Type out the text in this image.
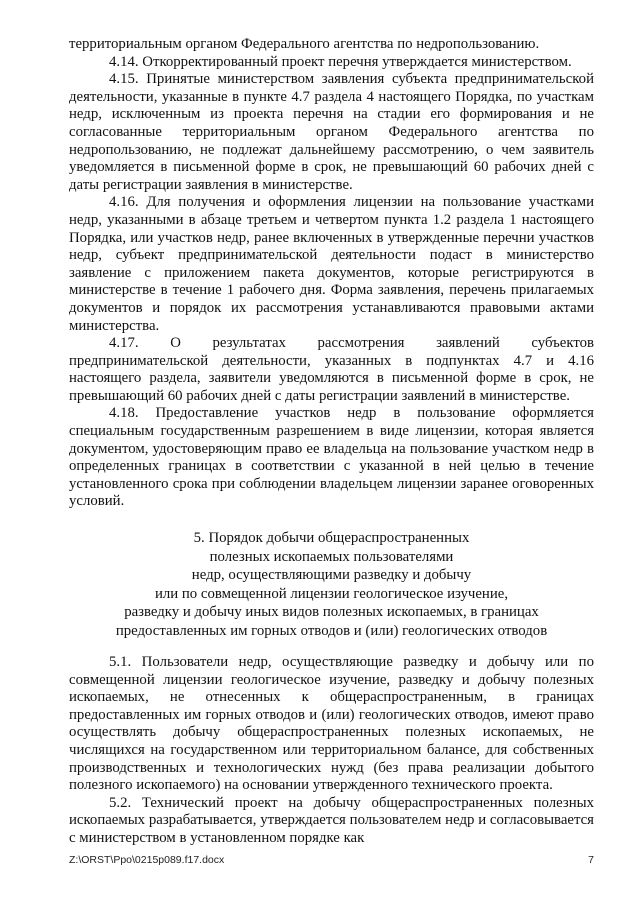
территориальным органом Федерального агентства по недропользованию.

4.14. Откорректированный проект перечня утверждается министерством.

4.15. Принятые министерством заявления субъекта предпринимательской деятельности, указанные в пункте 4.7 раздела 4 настоящего Порядка, по участкам недр, исключенным из проекта перечня на стадии его формирования и не согласованные территориальным органом Федерального агентства по недропользованию, не подлежат дальнейшему рассмотрению, о чем заявитель уведомляется в письменной форме в срок, не превышающий 60 рабочих дней с даты регистрации заявления в министерстве.

4.16. Для получения и оформления лицензии на пользование участками недр, указанными в абзаце третьем и четвертом пункта 1.2 раздела 1 настоящего Порядка, или участков недр, ранее включенных в утвержденные перечни участков недр, субъект предпринимательской деятельности подаст в министерство заявление с приложением пакета документов, которые регистрируются в министерстве в течение 1 рабочего дня. Форма заявления, перечень прилагаемых документов и порядок их рассмотрения устанавливаются правовыми актами министерства.

4.17. О результатах рассмотрения заявлений субъектов предпринимательской деятельности, указанных в подпунктах 4.7 и 4.16 настоящего раздела, заявители уведомляются в письменной форме в срок, не превышающий 60 рабочих дней с даты регистрации заявлений в министерстве.

4.18. Предоставление участков недр в пользование оформляется специальным государственным разрешением в виде лицензии, которая является документом, удостоверяющим право ее владельца на пользование участком недр в определенных границах в соответствии с указанной в ней целью в течение установленного срока при соблюдении владельцем лицензии заранее оговоренных условий.

5. Порядок добычи общераспространенных
полезных ископаемых пользователями
недр, осуществляющими разведку и добычу
или по совмещенной лицензии геологическое изучение,
разведку и добычу иных видов полезных ископаемых, в границах
предоставленных им горных отводов и (или) геологических отводов

5.1. Пользователи недр, осуществляющие разведку и добычу или по совмещенной лицензии геологическое изучение, разведку и добычу полезных ископаемых, не отнесенных к общераспространенным, в границах предоставленных им горных отводов и (или) геологических отводов, имеют право осуществлять добычу общераспространенных полезных ископаемых, не числящихся на государственном или территориальном балансе, для собственных производственных и технологических нужд (без права реализации добытого полезного ископаемого) на основании утвержденного технического проекта.

5.2. Технический проект на добычу общераспространенных полезных ископаемых разрабатывается, утверждается пользователем недр и согласовывается с министерством в установленном порядке как

Z:\ORST\Ppo\0215p089.f17.docx	7
